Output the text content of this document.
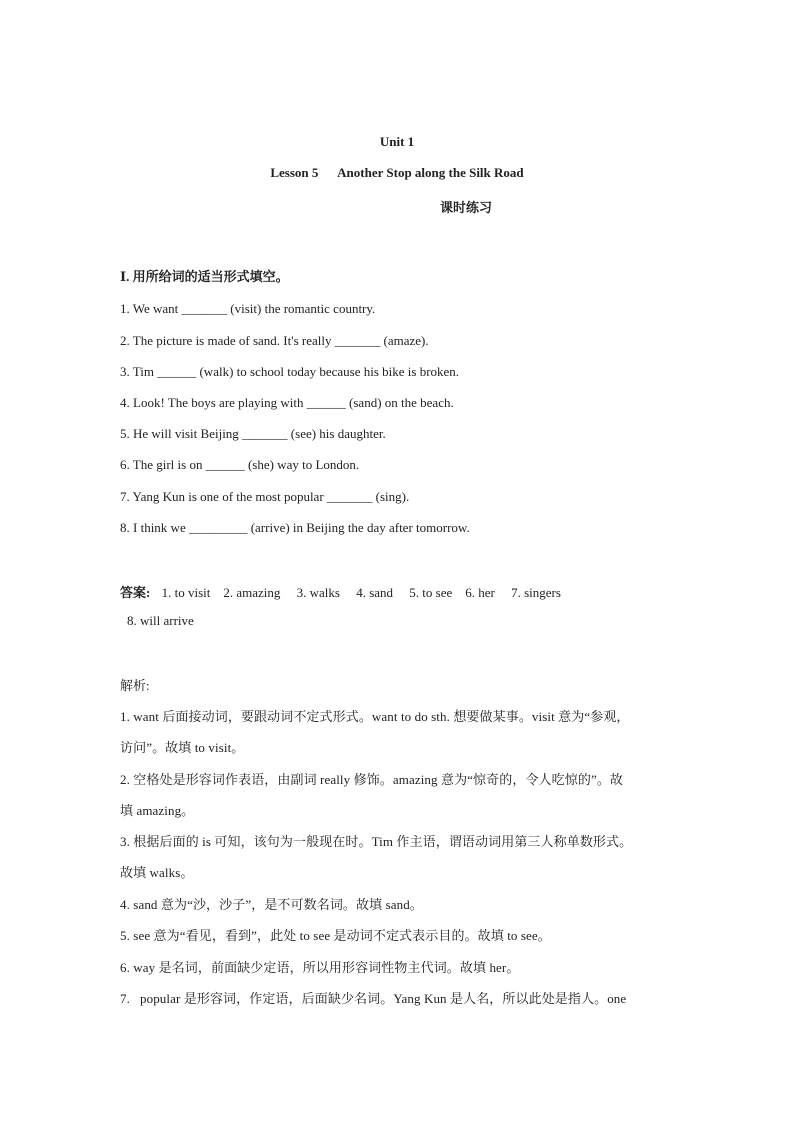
Unit 1
Lesson 5      Another Stop along the Silk Road
课时练习
Ⅰ. 用所给词的适当形式填空。
1. We want _______ (visit) the romantic country.
2. The picture is made of sand. It's really _______ (amaze).
3. Tim ______ (walk) to school today because his bike is broken.
4. Look! The boys are playing with ______ (sand) on the beach.
5. He will visit Beijing _______ (see) his daughter.
6. The girl is on ______ (she) way to London.
7. Yang Kun is one of the most popular _______ (sing).
8. I think we _________ (arrive) in Beijing the day after tomorrow.
答案: 1. to visit    2. amazing     3. walks     4. sand     5. to see    6. her     7. singers
8. will arrive
解析:
1. want 后面接动词，要跟动词不定式形式。want to do sth. 想要做某事。visit 意为“参观，
访问”。故填 to visit。
2. 空格处是形容词作表语，由副词 really 修饰。amazing 意为“惊奇的，令人吃惊的”。故
填 amazing。
3. 根据后面的 is 可知，该句为一般现在时。Tim 作主语，谓语动词用第三人称单数形式。
故填 walks。
4. sand 意为“沙，沙子”，是不可数名词。故填 sand。
5. see 意为“看见，看到”，此处 to see 是动词不定式表示目的。故填 to see。
6. way 是名词，前面缺少定语，所以用形容词性物主代词。故填 her。
7.   popular 是形容词，作定语，后面缺少名词。Yang Kun 是人名，所以此处是指人。one
